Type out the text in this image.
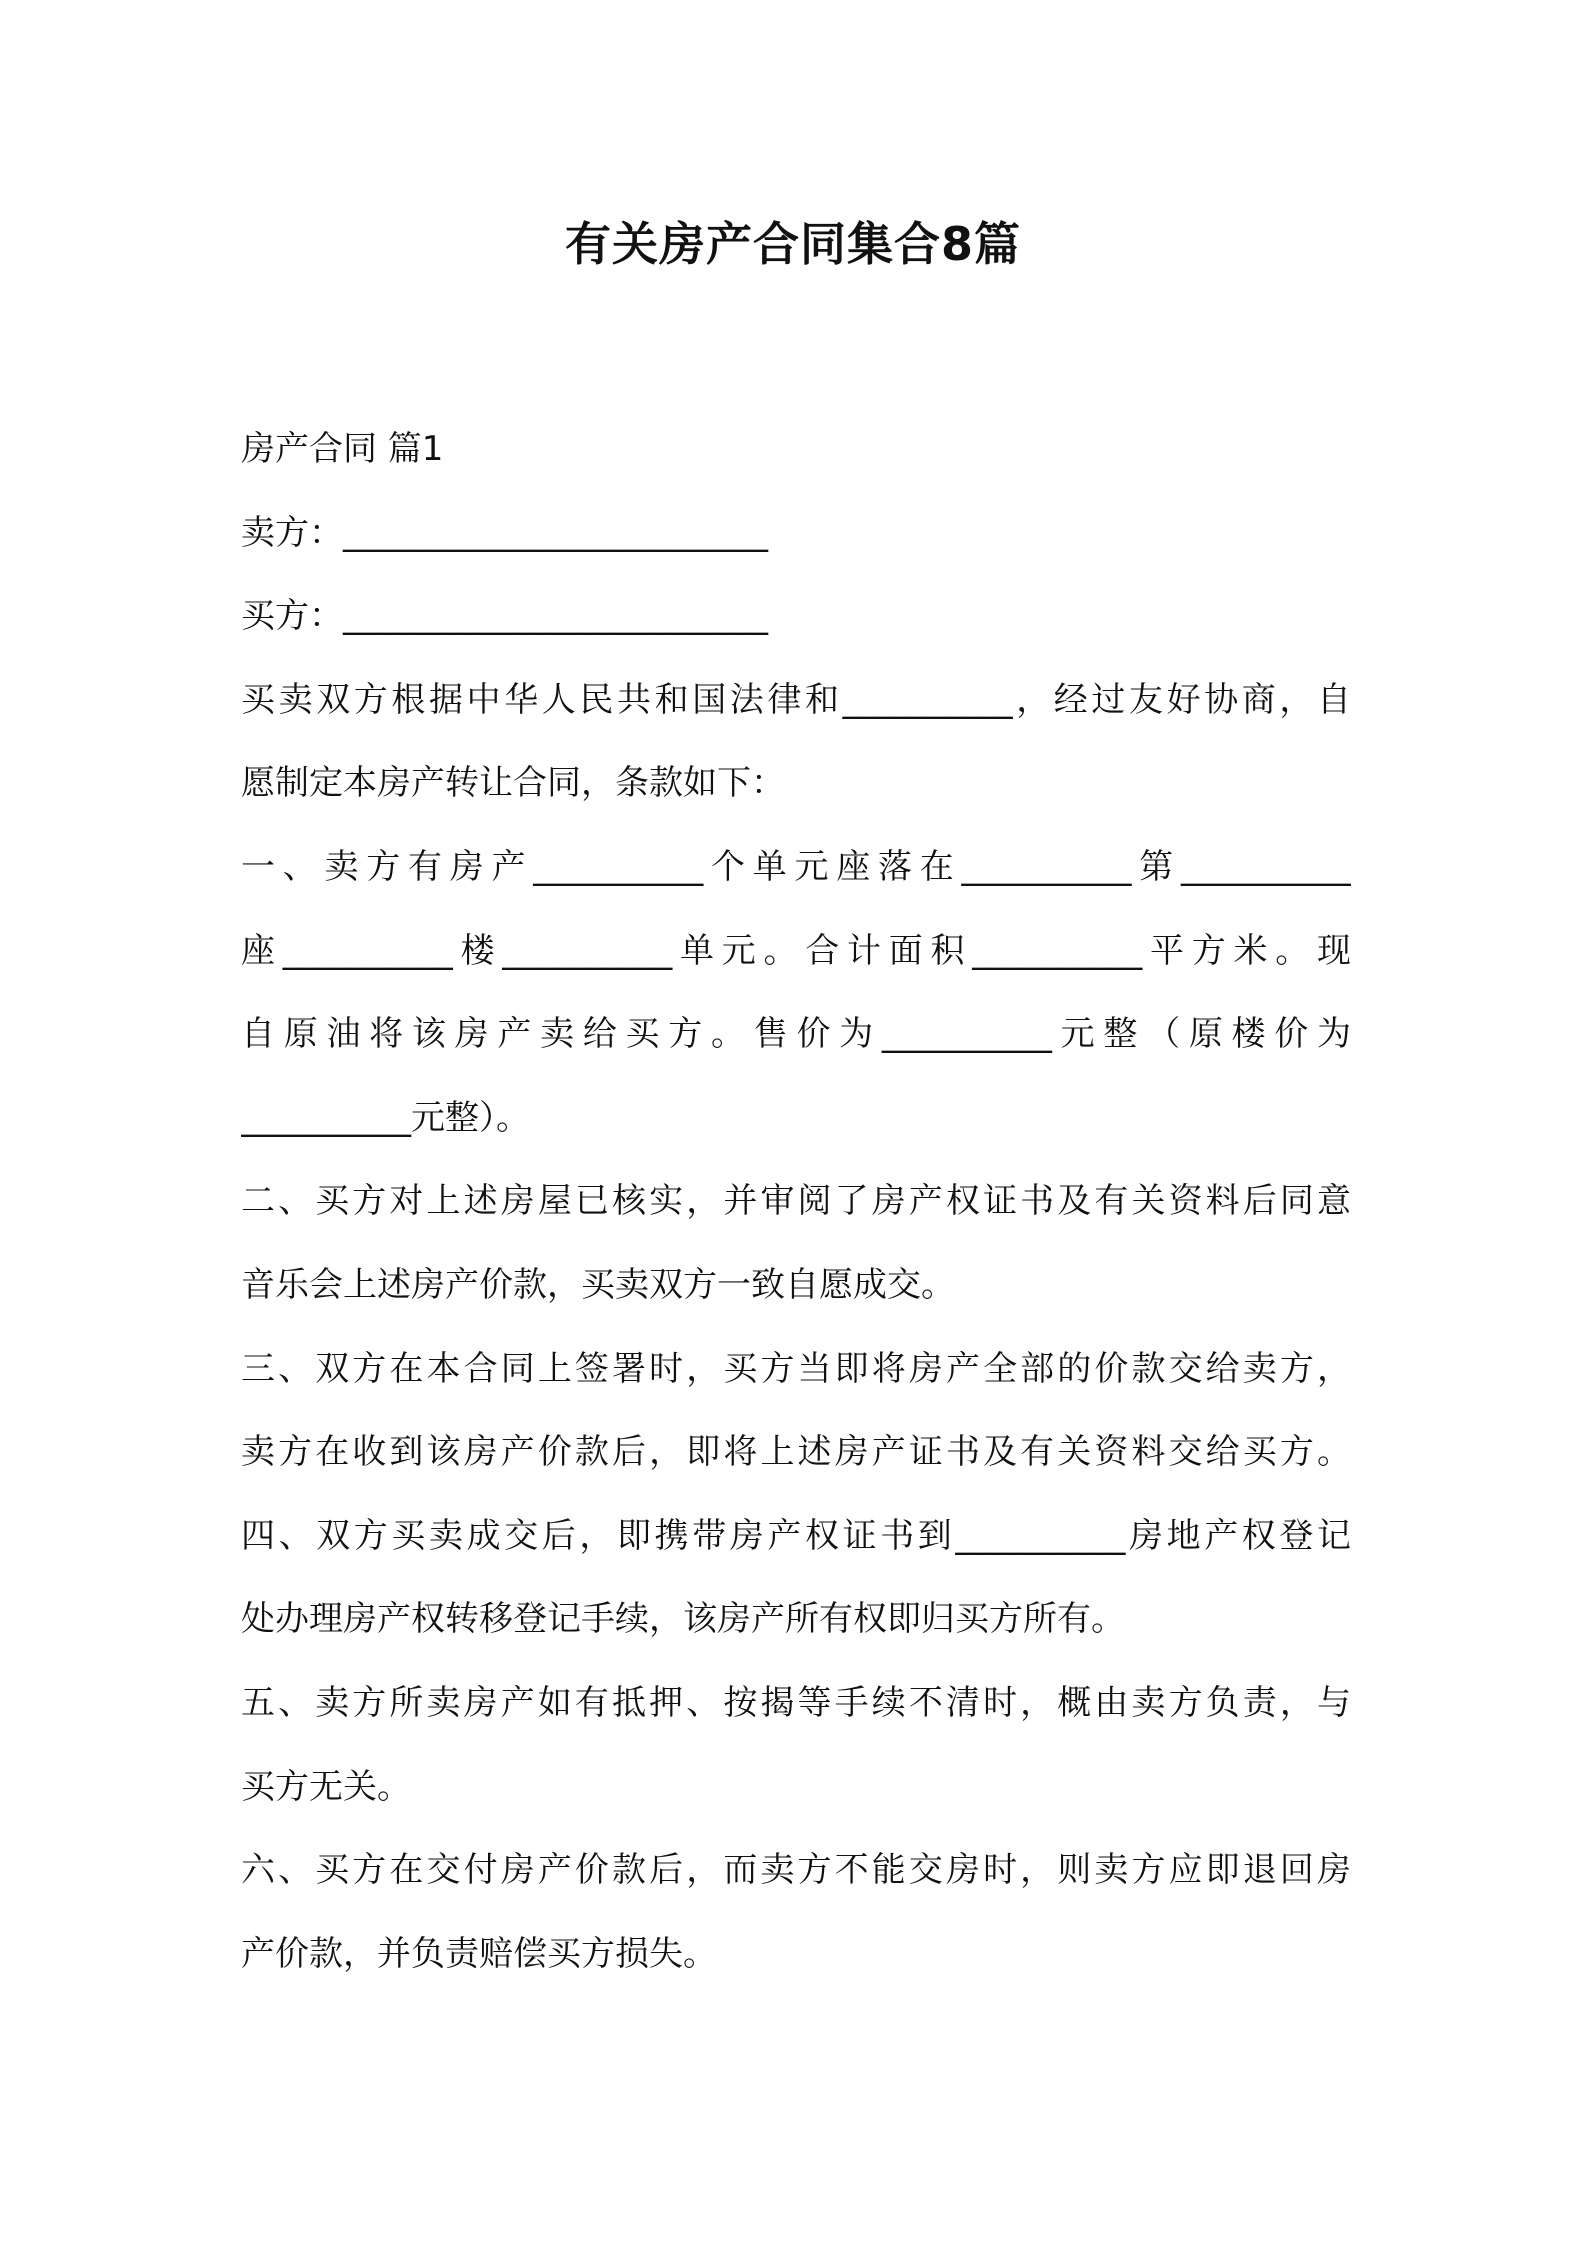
有关房产合同集合8篇
房产合同 篇1
卖方：_________________________
买方：_________________________
买卖双方根据中华人民共和国法律和__________，经过友好协商，自
愿制定本房产转让合同，条款如下：
一、卖方有房产__________个单元座落在__________第__________
座__________楼__________单元。合计面积__________平方米。现
自原油将该房产卖给买方。售价为__________元整（原楼价为
__________元整）。
二、买方对上述房屋已核实，并审阅了房产权证书及有关资料后同意
音乐会上述房产价款，买卖双方一致自愿成交。
三、双方在本合同上签署时，买方当即将房产全部的价款交给卖方，
卖方在收到该房产价款后，即将上述房产证书及有关资料交给买方。
四、双方买卖成交后，即携带房产权证书到__________房地产权登记
处办理房产权转移登记手续，该房产所有权即归买方所有。
五、卖方所卖房产如有抵押、按揭等手续不清时，概由卖方负责，与
买方无关。
六、买方在交付房产价款后，而卖方不能交房时，则卖方应即退回房
产价款，并负责赔偿买方损失。
